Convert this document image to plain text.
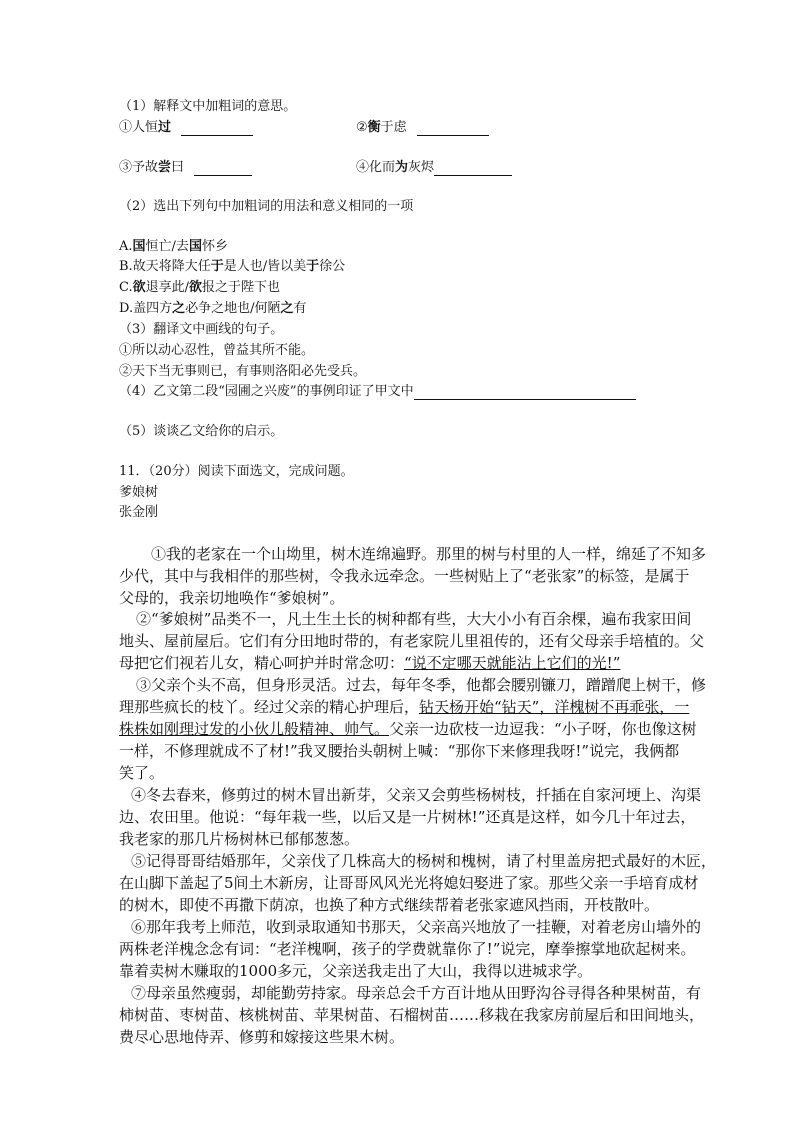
（1）解释文中加粗词的意思。
①人恒过	②衡于虑
③予故尝曰	④化而为灰烬
（2）选出下列句中加粗词的用法和意义相同的一项
A.国恒亡/去国怀乡
B.故天将降大任于是人也/皆以美于徐公
C.欲退享此/欲报之于陛下也
D.盖四方之必争之地也/何陋之有
（3）翻译文中画线的句子。
①所以动心忍性，曾益其所不能。
②天下当无事则已，有事则洛阳必先受兵。
（4）乙文第二段“园圃之兴废”的事例印证了甲文中
（5）谈谈乙文给你的启示。
11．（20分）阅读下面选文，完成问题。
爹娘树
张金刚
①我的老家在一个山坳里，树木连绵遍野。那里的树与村里的人一样，绵延了不知多
少代，其中与我相伴的那些树，令我永远牵念。一些树贴上了“老张家”的标签，是属于
父母的，我亲切地唤作“爹娘树”。
②“爹娘树”品类不一，凡土生土长的树种都有些，大大小小有百余棵，遍布我家田间
地头、屋前屋后。它们有分田地时带的，有老家院儿里祖传的，还有父母亲手培植的。父
母把它们视若儿女，精心呵护并时常念叨：“说不定哪天就能沾上它们的光!”
③父亲个头不高，但身形灵活。过去，每年冬季，他都会腰别镰刀，蹭蹭爬上树干，修
理那些疯长的枝丫。经过父亲的精心护理后，钻天杨开始“钻天”，洋槐树不再乖张，一
株株如刚理过发的小伙儿般精神、帅气。父亲一边砍枝一边逗我：“小子呀，你也像这树
一样，不修理就成不了材!”我叉腰抬头朝树上喊：“那你下来修理我呀!”说完，我俩都
笑了。
④冬去春来，修剪过的树木冒出新芽，父亲又会剪些杨树枝，扦插在自家河埂上、沟渠
边、农田里。他说：“每年栽一些，以后又是一片树林!”还真是这样，如今几十年过去，
我老家的那几片杨树林已郁郁葱葱。
⑤记得哥哥结婚那年，父亲伐了几株高大的杨树和槐树，请了村里盖房把式最好的木匠，
在山脚下盖起了5间土木新房，让哥哥风风光光将媳妇娶进了家。那些父亲一手培育成材
的树木，即使不再撒下荫凉，也换了种方式继续帮着老张家遮风挡雨，开枝散叶。
⑥那年我考上师范，收到录取通知书那天，父亲高兴地放了一挂鞭，对着老房山墙外的
两株老洋槐念念有词：“老洋槐啊，孩子的学费就靠你了!”说完，摩拳擦掌地砍起树来。
靠着卖树木赚取的1000多元，父亲送我走出了大山，我得以进城求学。
⑦母亲虽然瘦弱，却能勤劳持家。母亲总会千方百计地从田野沟谷寻得各种果树苗，有
柿树苗、枣树苗、核桃树苗、苹果树苗、石榴树苗……移栽在我家房前屋后和田间地头，
费尽心思地侍弄、修剪和嫁接这些果木树。
